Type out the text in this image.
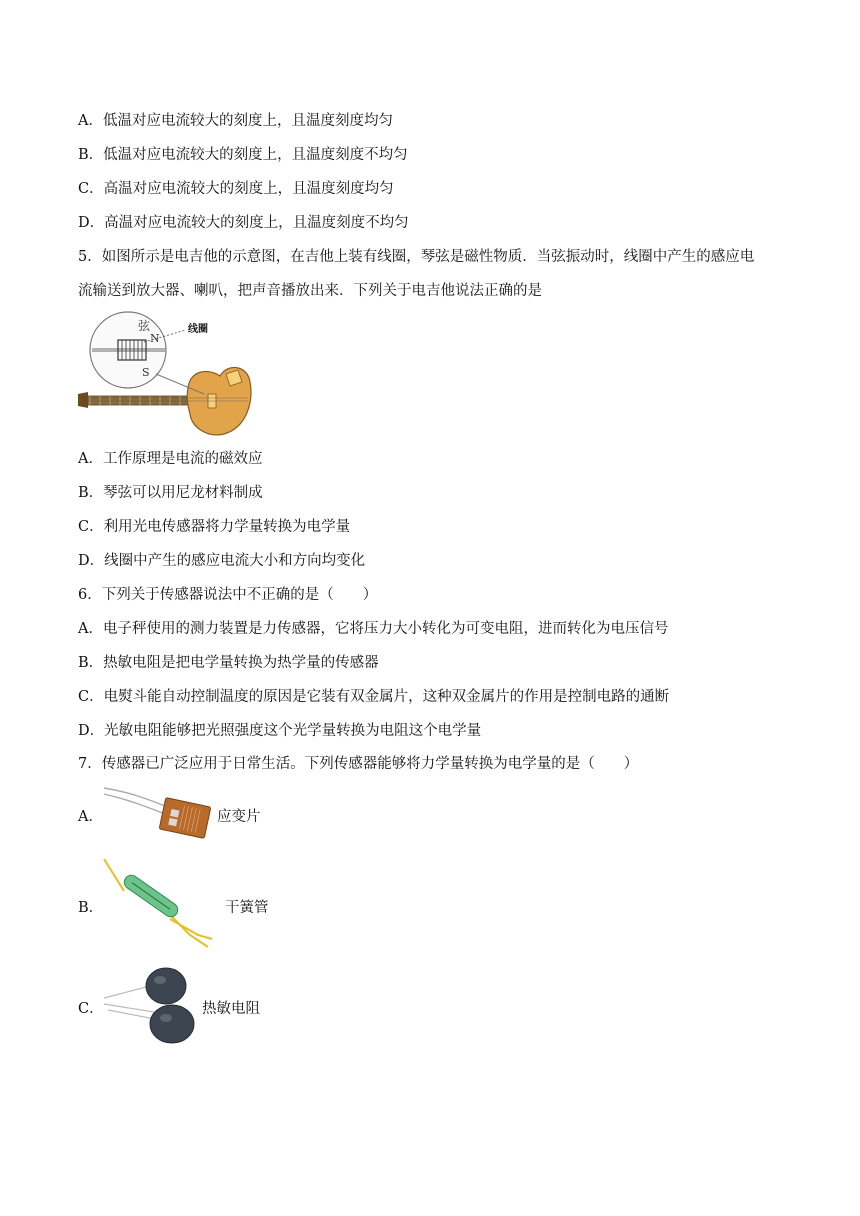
A．低温对应电流较大的刻度上，且温度刻度均匀
B．低温对应电流较大的刻度上，且温度刻度不均匀
C．高温对应电流较大的刻度上，且温度刻度均匀
D．高温对应电流较大的刻度上，且温度刻度不均匀
5．如图所示是电吉他的示意图，在吉他上装有线圈，琴弦是磁性物质．当弦振动时，线圈中产生的感应电
流输送到放大器、喇叭，把声音播放出来．下列关于电吉他说法正确的是
弦
N
S
线圈
A．工作原理是电流的磁效应
B．琴弦可以用尼龙材料制成
C．利用光电传感器将力学量转换为电学量
D．线圈中产生的感应电流大小和方向均变化
6．下列关于传感器说法中不正确的是（　　）
A．电子秤使用的测力装置是力传感器，它将压力大小转化为可变电阻，进而转化为电压信号
B．热敏电阻是把电学量转换为热学量的传感器
C．电熨斗能自动控制温度的原因是它装有双金属片，这种双金属片的作用是控制电路的通断
D．光敏电阻能够把光照强度这个光学量转换为电阻这个电学量
7．传感器已广泛应用于日常生活。下列传感器能够将力学量转换为电学量的是（　　）
A．	应变片
B．	干簧管
C．	热敏电阻
